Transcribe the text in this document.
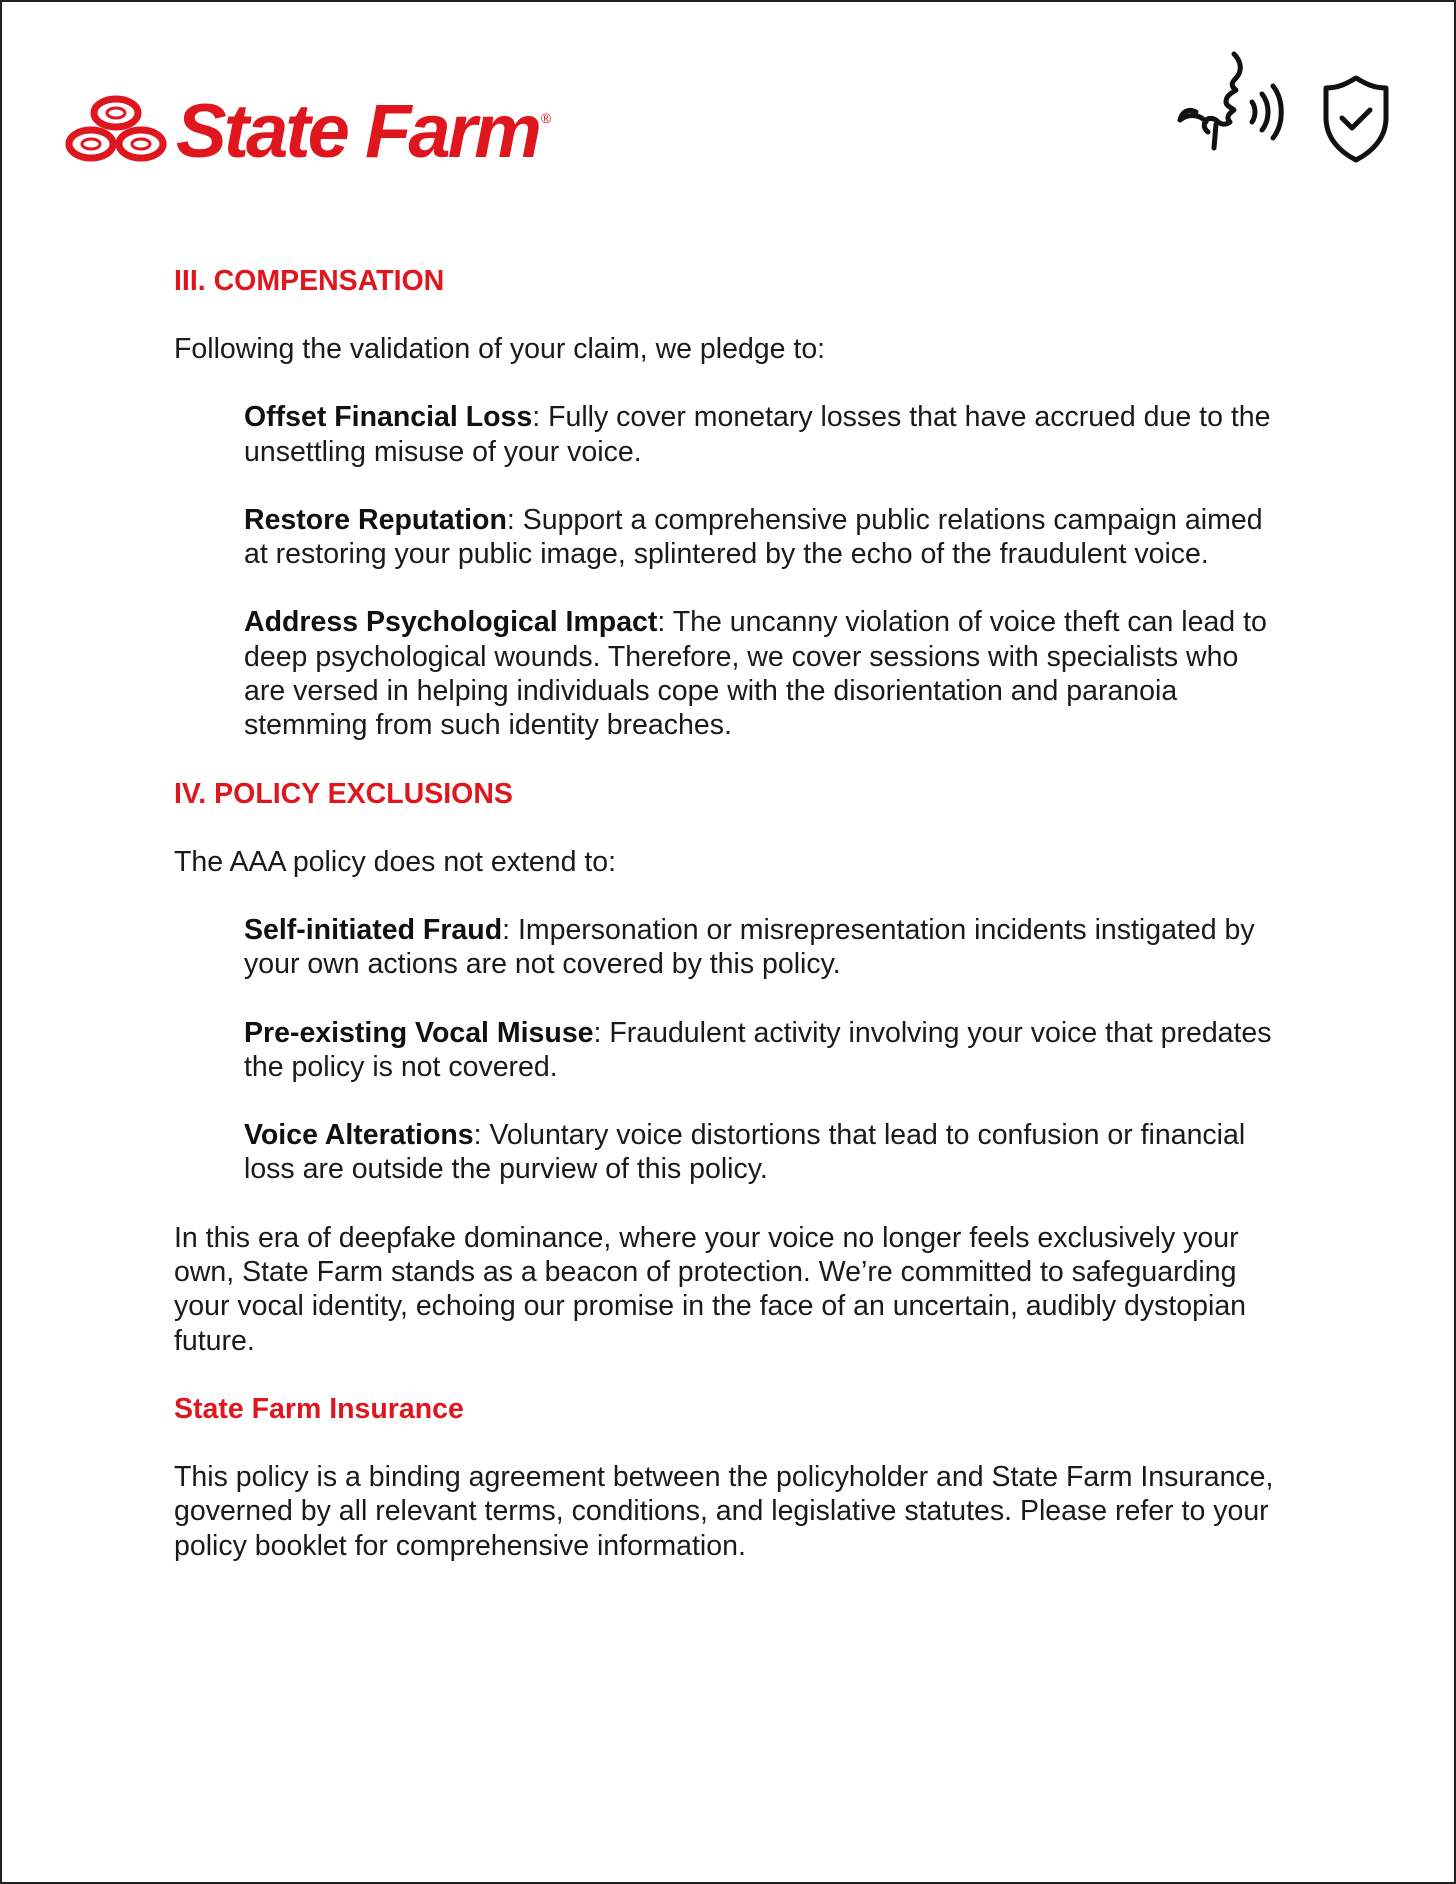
State Farm ®
III. COMPENSATION

Following the validation of your claim, we pledge to:

Offset Financial Loss: Fully cover monetary losses that have accrued due to the unsettling misuse of your voice.

Restore Reputation: Support a comprehensive public relations campaign aimed at restoring your public image, splintered by the echo of the fraudulent voice.

Address Psychological Impact: The uncanny violation of voice theft can lead to deep psychological wounds. Therefore, we cover sessions with specialists who are versed in helping individuals cope with the disorientation and paranoia stemming from such identity breaches.

IV. POLICY EXCLUSIONS

The AAA policy does not extend to:

Self-initiated Fraud: Impersonation or misrepresentation incidents instigated by your own actions are not covered by this policy.

Pre-existing Vocal Misuse: Fraudulent activity involving your voice that predates the policy is not covered.

Voice Alterations: Voluntary voice distortions that lead to confusion or financial loss are outside the purview of this policy.

In this era of deepfake dominance, where your voice no longer feels exclusively your own, State Farm stands as a beacon of protection. We’re committed to safeguarding your vocal identity, echoing our promise in the face of an uncertain, audibly dystopian future.

State Farm Insurance

This policy is a binding agreement between the policyholder and State Farm Insurance, governed by all relevant terms, conditions, and legislative statutes. Please refer to your policy booklet for comprehensive information.
